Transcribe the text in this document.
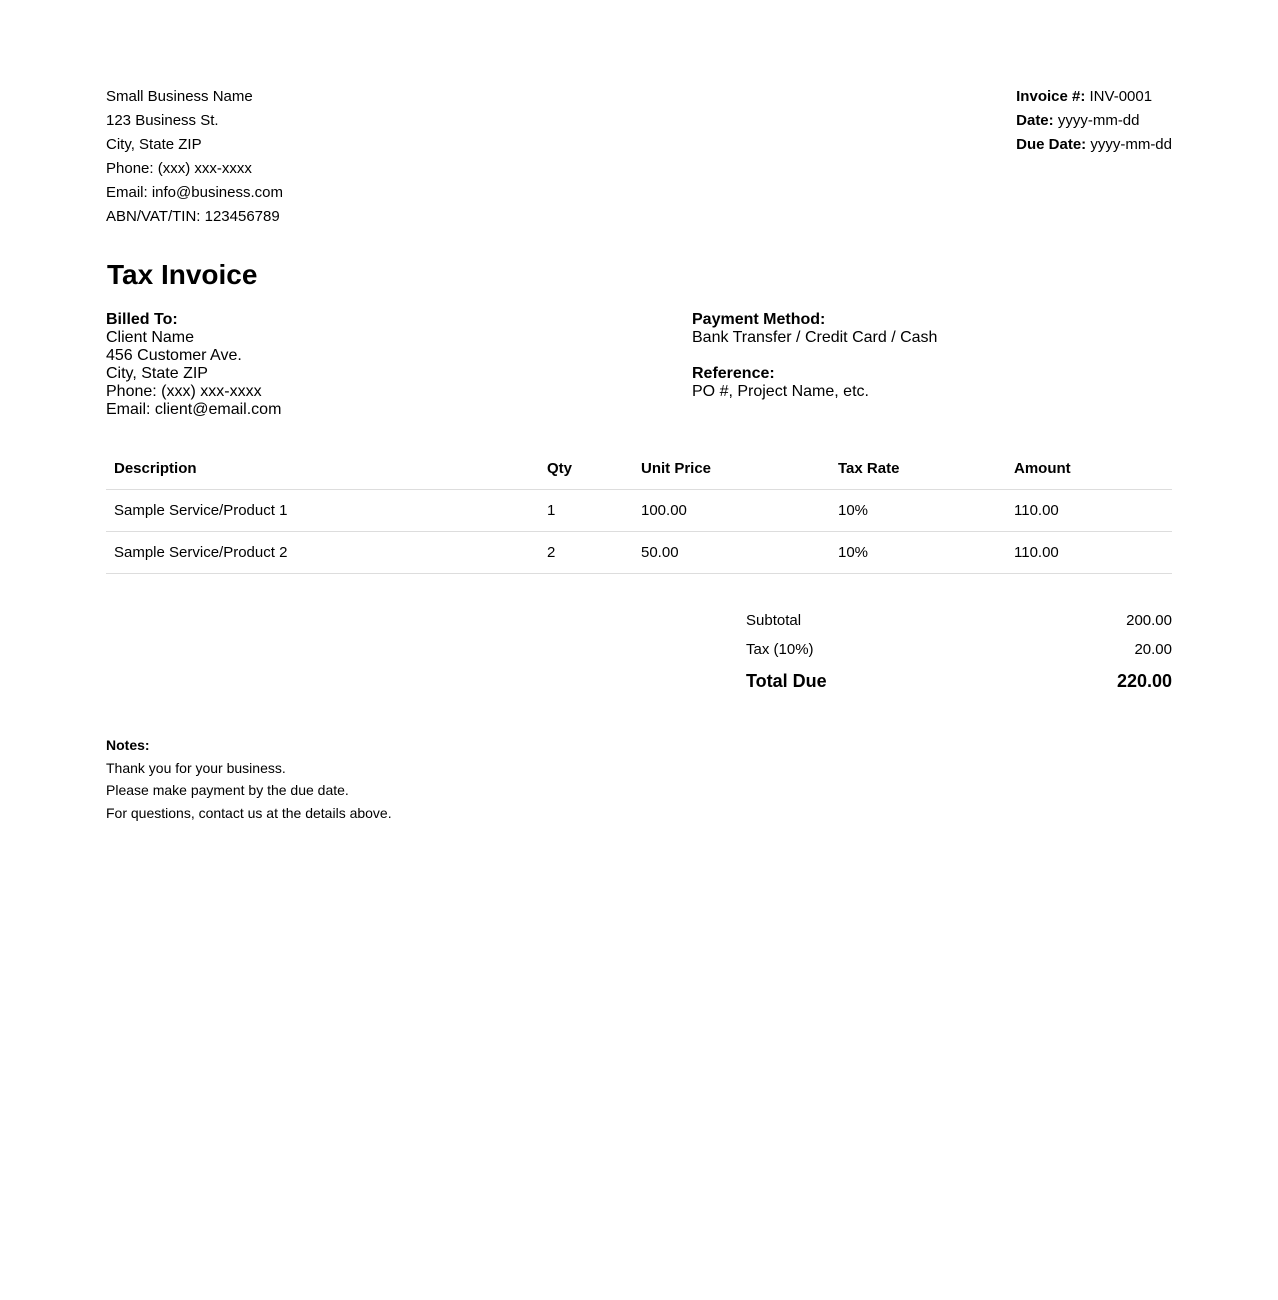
Small Business Name
123 Business St.
City, State ZIP
Phone: (xxx) xxx-xxxx
Email: info@business.com
ABN/VAT/TIN: 123456789
Invoice #: INV-0001
Date: yyyy-mm-dd
Due Date: yyyy-mm-dd
Tax Invoice
Billed To:
Client Name
456 Customer Ave.
City, State ZIP
Phone: (xxx) xxx-xxxx
Email: client@email.com
Payment Method:
Bank Transfer / Credit Card / Cash
Reference:
PO #, Project Name, etc.
Description	Qty	Unit Price	Tax Rate	Amount
Sample Service/Product 1	1	100.00	10%	110.00
Sample Service/Product 2	2	50.00	10%	110.00
Subtotal	200.00
Tax (10%)	20.00
Total Due	220.00
Notes:
Thank you for your business.
Please make payment by the due date.
For questions, contact us at the details above.
